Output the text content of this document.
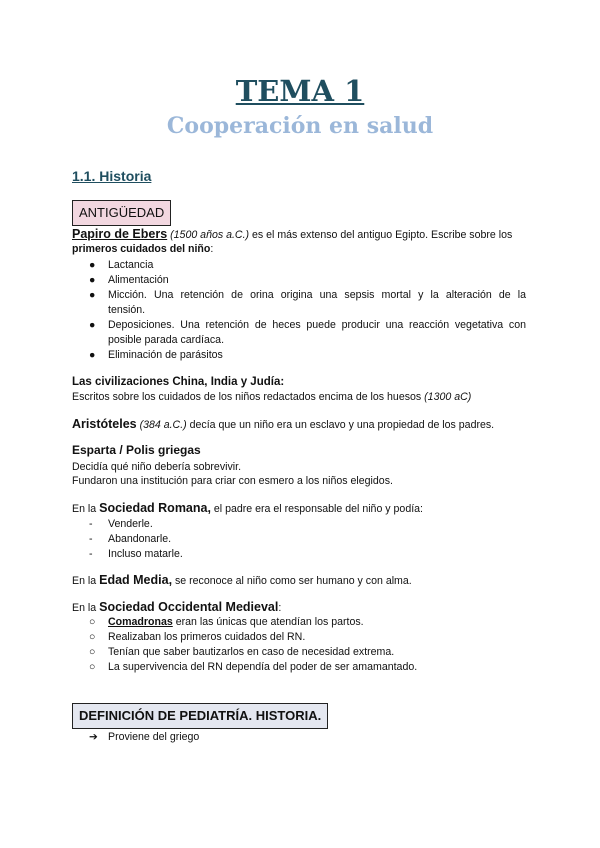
TEMA 1
Cooperación en salud
1.1. Historia
ANTIGÜEDAD
Papiro de Ebers (1500 años a.C.) es el más extenso del antiguo Egipto. Escribe sobre los
primeros cuidados del niño:
● Lactancia
● Alimentación
● Micción. Una retención de orina origina una sepsis mortal y la alteración de la
tensión.
● Deposiciones. Una retención de heces puede producir una reacción vegetativa con
posible parada cardíaca.
● Eliminación de parásitos
Las civilizaciones China, India y Judía:
Escritos sobre los cuidados de los niños redactados encima de los huesos (1300 aC)
Aristóteles (384 a.C.) decía que un niño era un esclavo y una propiedad de los padres.
Esparta / Polis griegas
Decidía qué niño debería sobrevivir.
Fundaron una institución para criar con esmero a los niños elegidos.
En la Sociedad Romana, el padre era el responsable del niño y podía:
- Venderle.
- Abandonarle.
- Incluso matarle.
En la Edad Media, se reconoce al niño como ser humano y con alma.
En la Sociedad Occidental Medieval:
○ Comadronas eran las únicas que atendían los partos.
○ Realizaban los primeros cuidados del RN.
○ Tenían que saber bautizarlos en caso de necesidad extrema.
○ La supervivencia del RN dependía del poder de ser amamantado.
DEFINICIÓN DE PEDIATRÍA. HISTORIA.
➔ Proviene del griego
